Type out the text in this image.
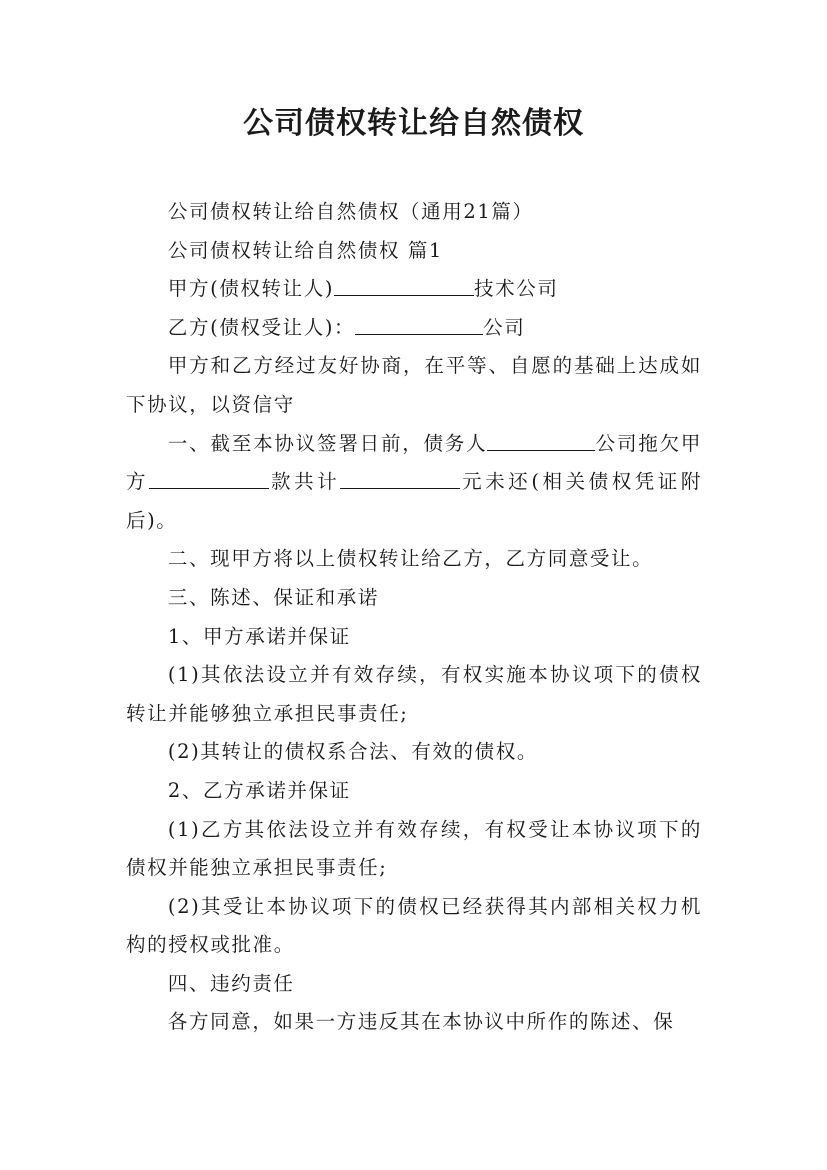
公司债权转让给自然债权

公司债权转让给自然债权（通用21篇）

公司债权转让给自然债权 篇1

甲方(债权转让人)	技术公司

乙方(债权受让人)：	公司

甲方和乙方经过友好协商，在平等、自愿的基础上达成如下协议，以资信守

一、截至本协议签署日前，债务人	公司拖欠甲方	款共计	元未还(相关债权凭证附后)。

二、现甲方将以上债权转让给乙方，乙方同意受让。

三、陈述、保证和承诺

1、甲方承诺并保证

(1)其依法设立并有效存续，有权实施本协议项下的债权转让并能够独立承担民事责任;

(2)其转让的债权系合法、有效的债权。

2、乙方承诺并保证

(1)乙方其依法设立并有效存续，有权受让本协议项下的债权并能独立承担民事责任;

(2)其受让本协议项下的债权已经获得其内部相关权力机构的授权或批准。

四、违约责任

各方同意，如果一方违反其在本协议中所作的陈述、保
